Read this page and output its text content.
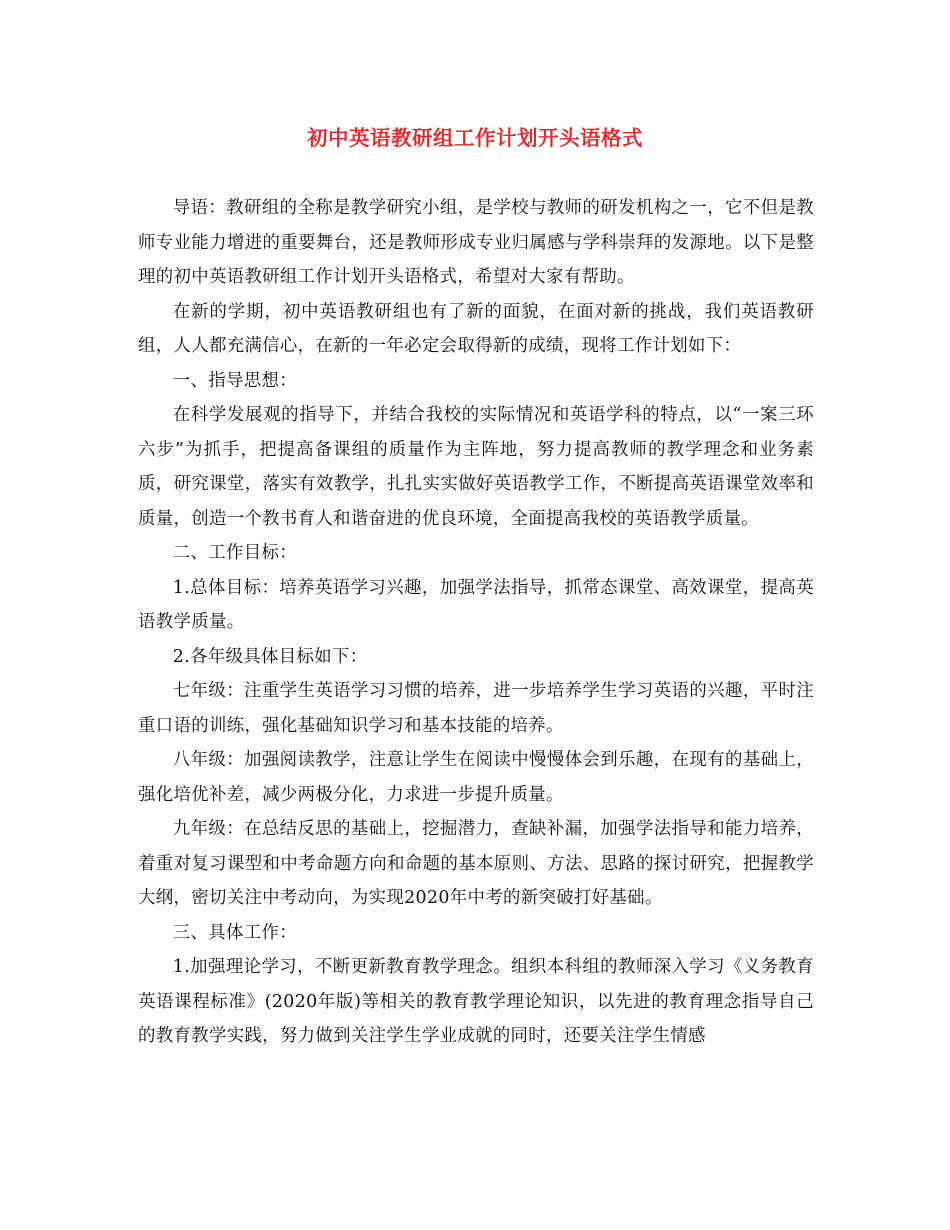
初中英语教研组工作计划开头语格式

导语：教研组的全称是教学研究小组，是学校与教师的研发机构之一，它不但是教师专业能力增进的重要舞台，还是教师形成专业归属感与学科崇拜的发源地。以下是整理的初中英语教研组工作计划开头语格式，希望对大家有帮助。

在新的学期，初中英语教研组也有了新的面貌，在面对新的挑战，我们英语教研组，人人都充满信心，在新的一年必定会取得新的成绩，现将工作计划如下：

一、指导思想：

在科学发展观的指导下，并结合我校的实际情况和英语学科的特点，以“一案三环六步”为抓手，把提高备课组的质量作为主阵地，努力提高教师的教学理念和业务素质，研究课堂，落实有效教学，扎扎实实做好英语教学工作，不断提高英语课堂效率和质量，创造一个教书育人和谐奋进的优良环境，全面提高我校的英语教学质量。

二、工作目标：

1.总体目标：培养英语学习兴趣，加强学法指导，抓常态课堂、高效课堂，提高英语教学质量。

2.各年级具体目标如下：

七年级：注重学生英语学习习惯的培养，进一步培养学生学习英语的兴趣，平时注重口语的训练，强化基础知识学习和基本技能的培养。

八年级：加强阅读教学，注意让学生在阅读中慢慢体会到乐趣，在现有的基础上，强化培优补差，减少两极分化，力求进一步提升质量。

九年级：在总结反思的基础上，挖掘潜力，查缺补漏，加强学法指导和能力培养，着重对复习课型和中考命题方向和命题的基本原则、方法、思路的探讨研究，把握教学大纲，密切关注中考动向，为实现2020年中考的新突破打好基础。

三、具体工作：

1.加强理论学习，不断更新教育教学理念。组织本科组的教师深入学习《义务教育英语课程标准》(2020年版)等相关的教育教学理论知识，以先进的教育理念指导自己的教育教学实践，努力做到关注学生学业成就的同时，还要关注学生情感
